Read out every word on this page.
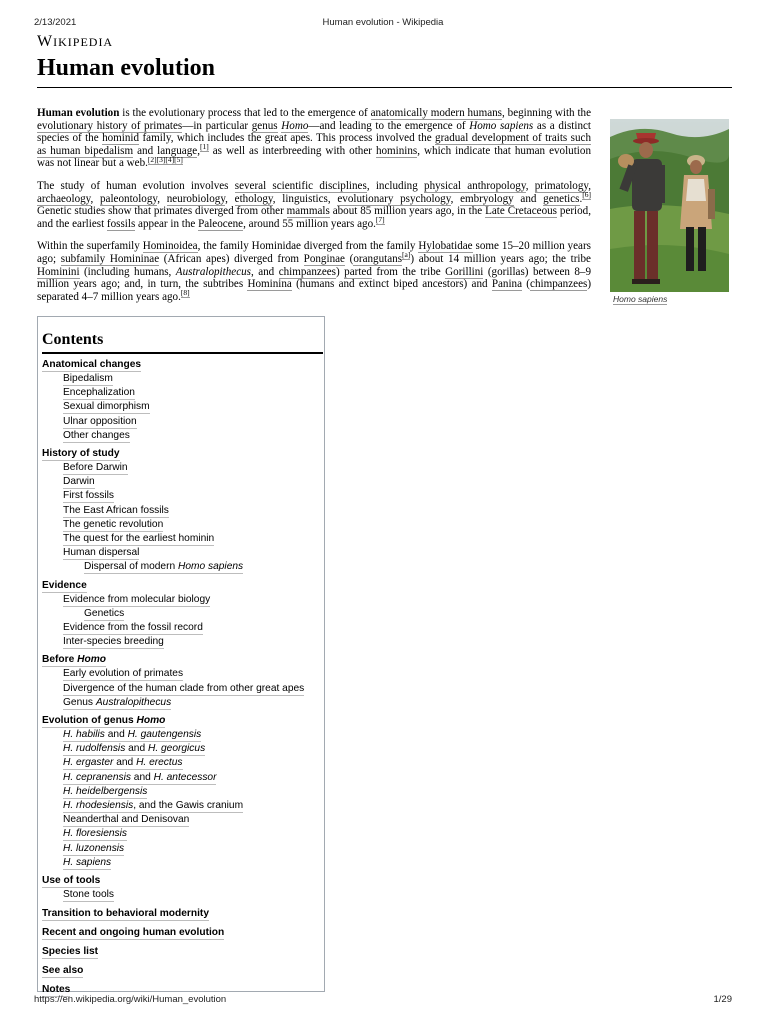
2/13/2021	Human evolution - Wikipedia
WIKIPEDIA
Human evolution

Human evolution is the evolutionary process that led to the emergence of anatomically modern humans, beginning with the evolutionary history of primates—in particular genus Homo—and leading to the emergence of Homo sapiens as a distinct species of the hominid family, which includes the great apes. This process involved the gradual development of traits such as human bipedalism and language,[1] as well as interbreeding with other hominins, which indicate that human evolution was not linear but a web.[2][3][4][5]

The study of human evolution involves several scientific disciplines, including physical anthropology, primatology, archaeology, paleontology, neurobiology, ethology, linguistics, evolutionary psychology, embryology and genetics.[6] Genetic studies show that primates diverged from other mammals about 85 million years ago, in the Late Cretaceous period, and the earliest fossils appear in the Paleocene, around 55 million years ago.[7]

Within the superfamily Hominoidea, the family Hominidae diverged from the family Hylobatidae some 15–20 million years ago; subfamily Homininae (African apes) diverged from Ponginae (orangutans[a]) about 14 million years ago; the tribe Hominini (including humans, Australopithecus, and chimpanzees) parted from the tribe Gorillini (gorillas) between 8–9 million years ago; and, in turn, the subtribes Hominina (humans and extinct biped ancestors) and Panina (chimpanzees) separated 4–7 million years ago.[8]

Homo sapiens
Contents
Anatomical changes
Bipedalism
Encephalization
Sexual dimorphism
Ulnar opposition
Other changes
History of study
Before Darwin
Darwin
First fossils
The East African fossils
The genetic revolution
The quest for the earliest hominin
Human dispersal
Dispersal of modern Homo sapiens
Evidence
Evidence from molecular biology
Genetics
Evidence from the fossil record
Inter-species breeding
Before Homo
Early evolution of primates
Divergence of the human clade from other great apes
Genus Australopithecus
Evolution of genus Homo
H. habilis and H. gautengensis
H. rudolfensis and H. georgicus
H. ergaster and H. erectus
H. cepranensis and H. antecessor
H. heidelbergensis
H. rhodesiensis, and the Gawis cranium
Neanderthal and Denisovan
H. floresiensis
H. luzonensis
H. sapiens
Use of tools
Stone tools
Transition to behavioral modernity
Recent and ongoing human evolution
Species list
See also
Notes
https://en.wikipedia.org/wiki/Human_evolution	1/29
